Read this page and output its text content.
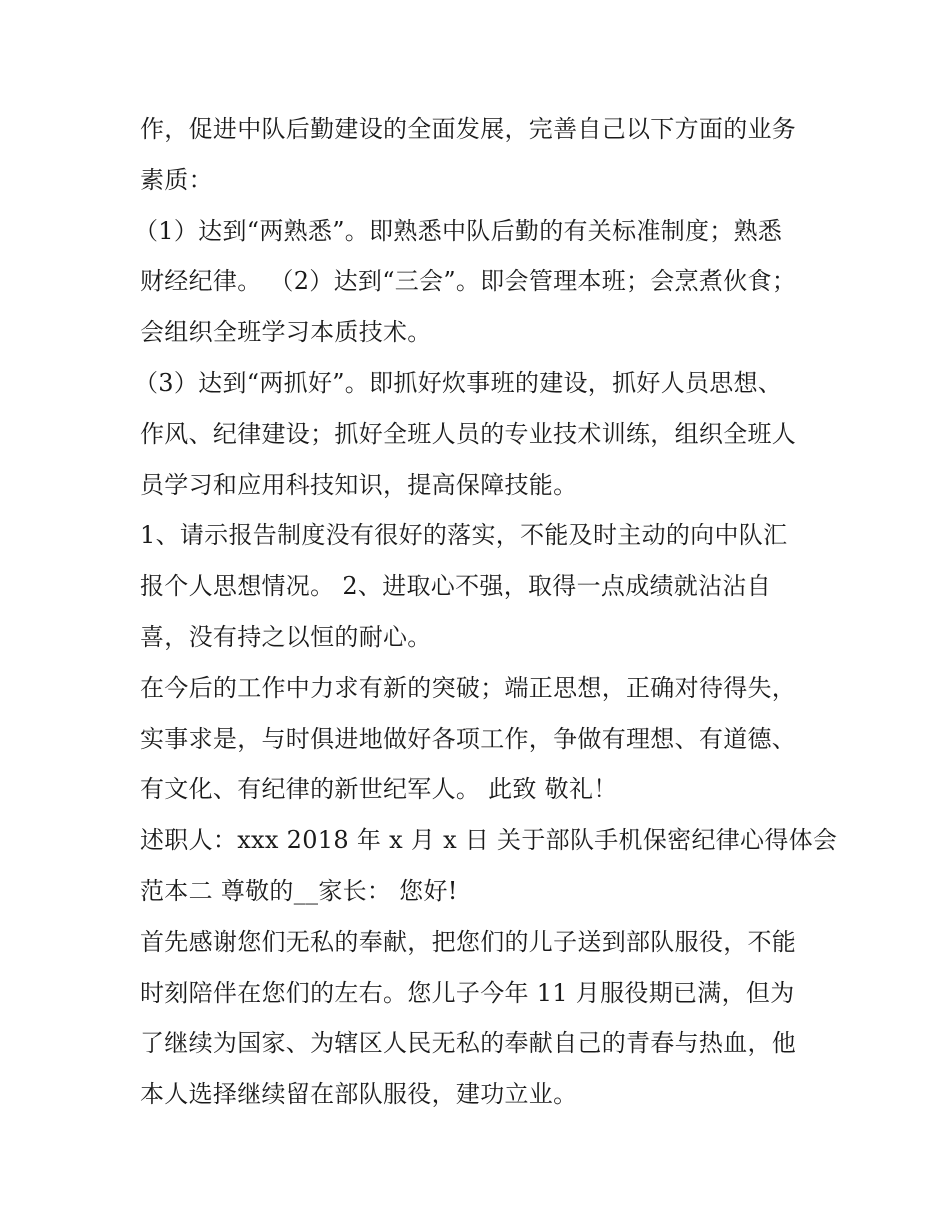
作，促进中队后勤建设的全面发展，完善自己以下方面的业务
素质：
（1）达到“两熟悉”。即熟悉中队后勤的有关标准制度；熟悉
财经纪律。 （2）达到“三会”。即会管理本班；会烹煮伙食；
会组织全班学习本质技术。
（3）达到“两抓好”。即抓好炊事班的建设，抓好人员思想、
作风、纪律建设；抓好全班人员的专业技术训练，组织全班人
员学习和应用科技知识，提高保障技能。
1、请示报告制度没有很好的落实，不能及时主动的向中队汇
报个人思想情况。 2、进取心不强，取得一点成绩就沾沾自
喜，没有持之以恒的耐心。
在今后的工作中力求有新的突破；端正思想，正确对待得失，
实事求是，与时俱进地做好各项工作，争做有理想、有道德、
有文化、有纪律的新世纪军人。 此致 敬礼！
述职人：xxx 2018 年 x 月 x 日 关于部队手机保密纪律心得体会
范本二 尊敬的__家长： 您好!
首先感谢您们无私的奉献，把您们的儿子送到部队服役，不能
时刻陪伴在您们的左右。您儿子今年 11 月服役期已满，但为
了继续为国家、为辖区人民无私的奉献自己的青春与热血，他
本人选择继续留在部队服役，建功立业。
